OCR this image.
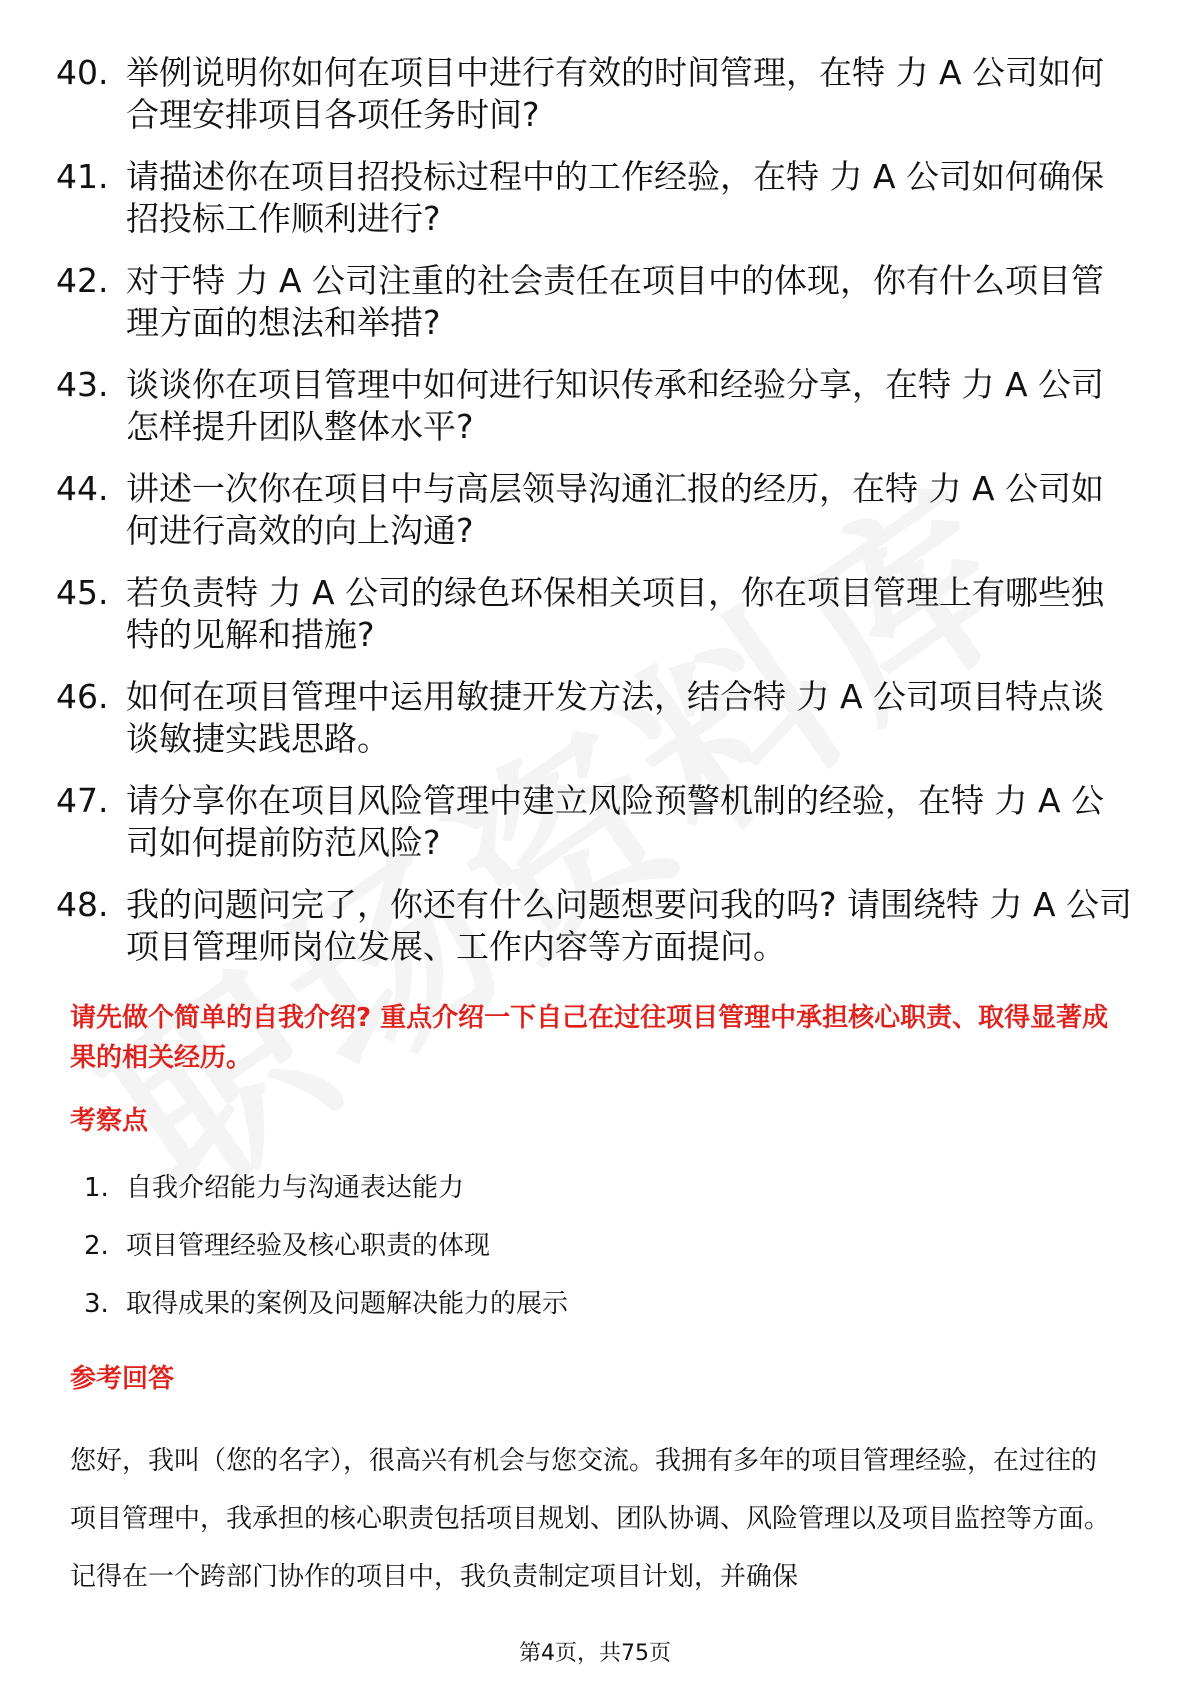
40. 举例说明你如何在项目中进行有效的时间管理，在特 力 A 公司如何合理安排项目各项任务时间?
41. 请描述你在项目招投标过程中的工作经验，在特 力 A 公司如何确保招投标工作顺利进行?
42. 对于特 力 A 公司注重的社会责任在项目中的体现，你有什么项目管理方面的想法和举措?
43. 谈谈你在项目管理中如何进行知识传承和经验分享，在特 力 A 公司怎样提升团队整体水平?
44. 讲述一次你在项目中与高层领导沟通汇报的经历，在特 力 A 公司如何进行高效的向上沟通?
45. 若负责特 力 A 公司的绿色环保相关项目，你在项目管理上有哪些独特的见解和措施?
46. 如何在项目管理中运用敏捷开发方法，结合特 力 A 公司项目特点谈谈敏捷实践思路。
47. 请分享你在项目风险管理中建立风险预警机制的经验，在特 力 A 公司如何提前防范风险?
48. 我的问题问完了，你还有什么问题想要问我的吗? 请围绕特 力 A 公司项目管理师岗位发展、工作内容等方面提问。
请先做个简单的自我介绍? 重点介绍一下自己在过往项目管理中承担核心职责、取得显著成果的相关经历。
考察点
1. 自我介绍能力与沟通表达能力
2. 项目管理经验及核心职责的体现
3. 取得成果的案例及问题解决能力的展示
参考回答
您好，我叫（您的名字），很高兴有机会与您交流。我拥有多年的项目管理经验，在过往的项目管理中，我承担的核心职责包括项目规划、团队协调、风险管理以及项目监控等方面。记得在一个跨部门协作的项目中，我负责制定项目计划，并确保
第4页，共75页
